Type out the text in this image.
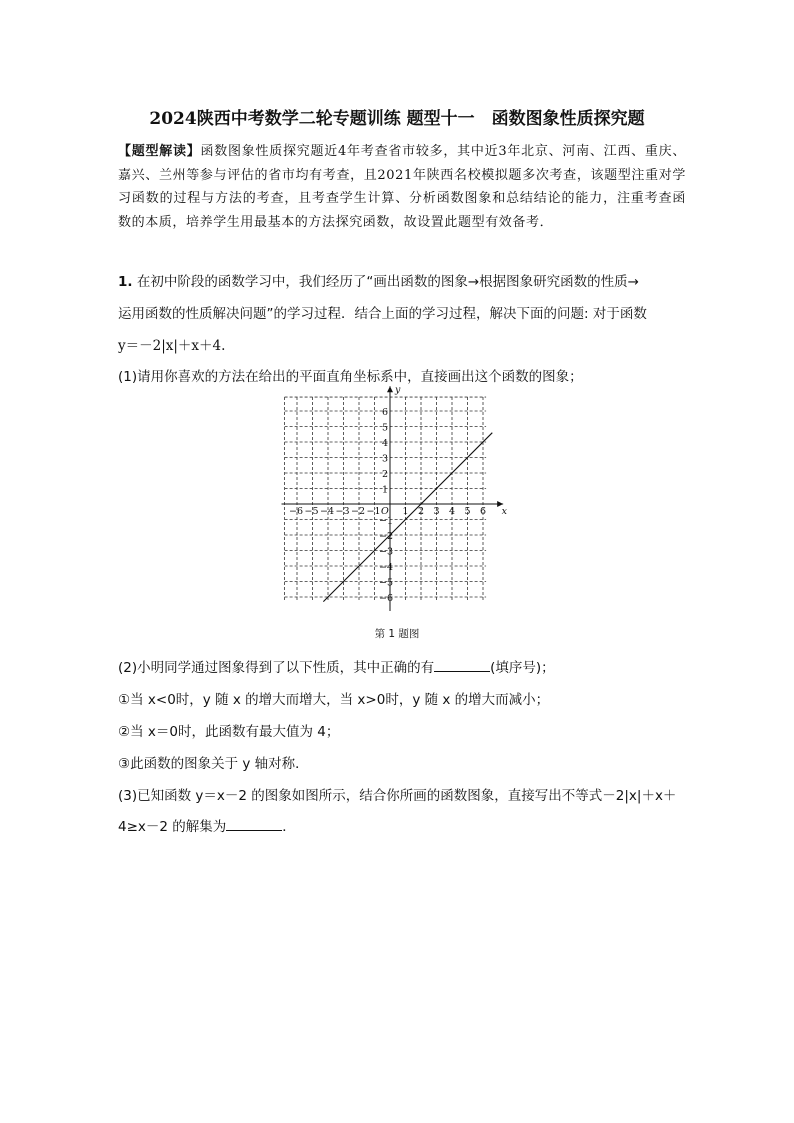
2024陕西中考数学二轮专题训练 题型十一　函数图象性质探究题
【题型解读】函数图象性质探究题近4年考查省市较多，其中近3年北京、河南、江西、重庆、嘉兴、兰州等参与评估的省市均有考查，且2021年陕西名校模拟题多次考查，该题型注重对学习函数的过程与方法的考查，且考查学生计算、分析函数图象和总结结论的能力，注重考查函数的本质，培养学生用最基本的方法探究函数，故设置此题型有效备考．
1. 在初中阶段的函数学习中，我们经历了“画出函数的图象→根据图象研究函数的性质→
运用函数的性质解决问题”的学习过程．结合上面的学习过程，解决下面的问题: 对于函数
y＝－2|x|＋x＋4.
(1)请用你喜欢的方法在给出的平面直角坐标系中，直接画出这个函数的图象；
x
y
O
−6 −5 −4 −3 −2 −1 1 2 3 4 5 6
6
5
4
3
2
1
−1
−2
−3
−4
−5
−6
第 1 题图
(2)小明同学通过图象得到了以下性质，其中正确的有	(填序号)；
①当 x<0时，y 随 x 的增大而增大，当 x>0时，y 随 x 的增大而减小；
②当 x＝0时，此函数有最大值为 4；
③此函数的图象关于 y 轴对称．
(3)已知函数 y＝x－2 的图象如图所示，结合你所画的函数图象，直接写出不等式－2|x|＋x＋
4≥x－2 的解集为	．
